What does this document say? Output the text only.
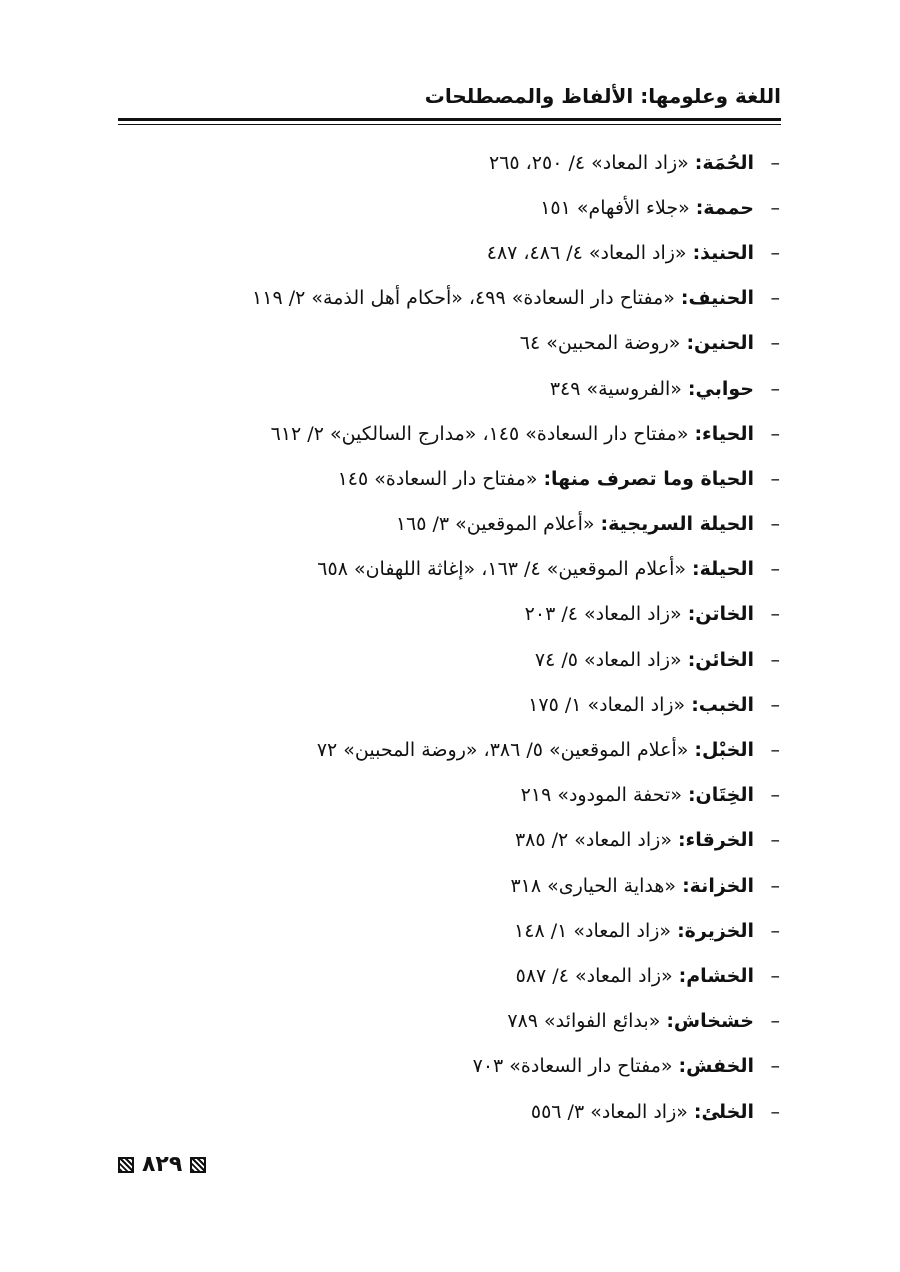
اللغة وعلومها: الألفاظ والمصطلحات
–
الحُمَة:
«زاد المعاد» ٤/ ٢٥٠، ٢٦٥
–
حممة:
«جلاء الأفهام» ١٥١
–
الحنيذ:
«زاد المعاد» ٤/ ٤٨٦، ٤٨٧
–
الحنيف:
«مفتاح دار السعادة» ٤٩٩، «أحكام أهل الذمة» ٢/ ١١٩
–
الحنين:
«روضة المحبين» ٦٤
–
حوابي:
«الفروسية» ٣٤٩
–
الحياء:
«مفتاح دار السعادة» ١٤٥، «مدارج السالكين» ٢/ ٦١٢
–
الحياة وما تصرف منها:
«مفتاح دار السعادة» ١٤٥
–
الحيلة السريجية:
«أعلام الموقعين» ٣/ ١٦٥
–
الحيلة:
«أعلام الموقعين» ٤/ ١٦٣، «إغاثة اللهفان» ٦٥٨
–
الخاتن:
«زاد المعاد» ٤/ ٢٠٣
–
الخائن:
«زاد المعاد» ٥/ ٧٤
–
الخبب:
«زاد المعاد» ١/ ١٧٥
–
الخبْل:
«أعلام الموقعين» ٥/ ٣٨٦، «روضة المحبين» ٧٢
–
الخِتَان:
«تحفة المودود» ٢١٩
–
الخرقاء:
«زاد المعاد» ٢/ ٣٨٥
–
الخزانة:
«هداية الحيارى» ٣١٨
–
الخزيرة:
«زاد المعاد» ١/ ١٤٨
–
الخشام:
«زاد المعاد» ٤/ ٥٨٧
–
خشخاش:
«بدائع الفوائد» ٧٨٩
–
الخفش:
«مفتاح دار السعادة» ٧٠٣
–
الخلئ:
«زاد المعاد» ٣/ ٥٥٦
٨٢٩
